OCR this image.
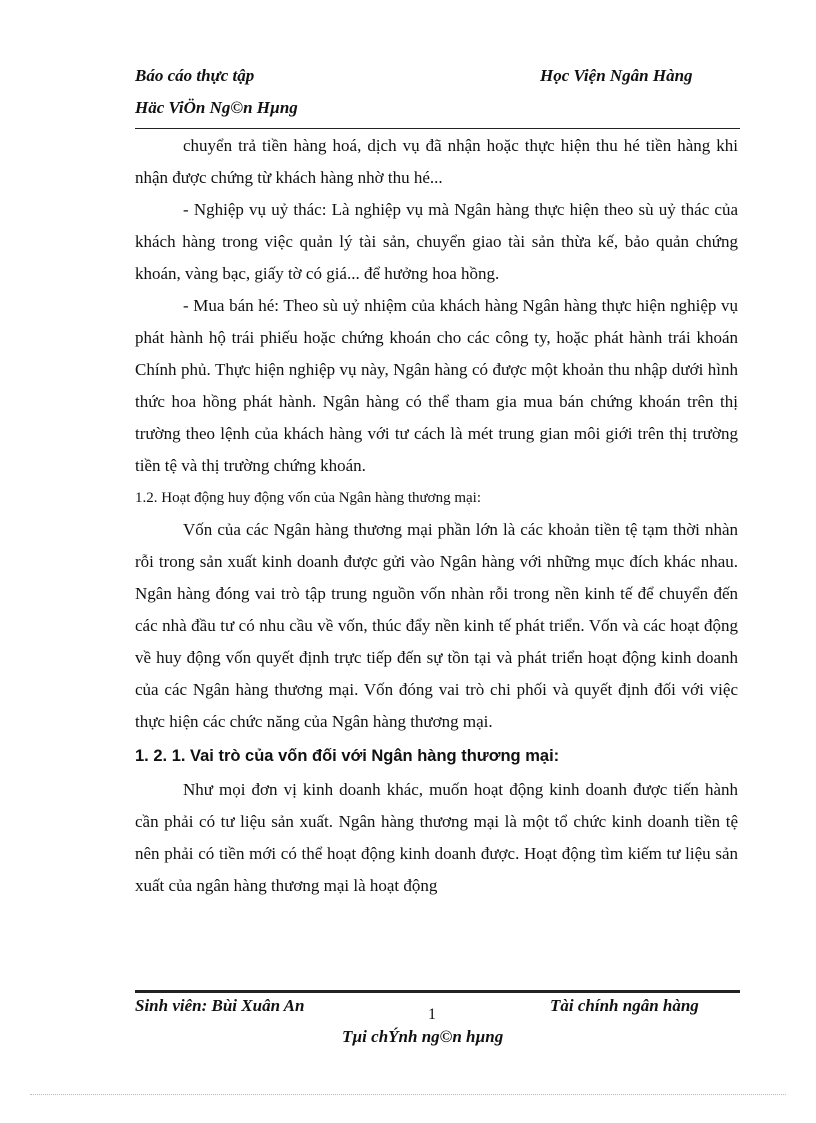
Báo cáo thực tập	Học Viện Ngân Hàng
Häc ViÖn Ng©n Hµng

chuyển trả tiền hàng hoá, dịch vụ đã nhận hoặc thực hiện thu hé tiền hàng khi nhận được chứng từ khách hàng nhờ thu hé...

- Nghiệp vụ uỷ thác: Là nghiệp vụ mà Ngân hàng thực hiện theo sù uỷ thác của khách hàng trong việc quản lý tài sản, chuyển giao tài sản thừa kế, bảo quản chứng khoán, vàng bạc, giấy tờ có giá... để hưởng hoa hồng.

- Mua bán hé: Theo sù uỷ nhiệm của khách hàng Ngân hàng thực hiện nghiệp vụ phát hành hộ trái phiếu hoặc chứng khoán cho các công ty, hoặc phát hành trái khoán Chính phủ. Thực hiện nghiệp vụ này, Ngân hàng có được một khoản thu nhập dưới hình thức hoa hồng phát hành. Ngân hàng có thể tham gia mua bán chứng khoán trên thị trường theo lệnh của khách hàng với tư cách là mét trung gian môi giới trên thị trường tiền tệ và thị trường chứng khoán.

1.2. Hoạt động huy động vốn của Ngân hàng thương mại:

Vốn của các Ngân hàng thương mại phần lớn là các khoản tiền tệ tạm thời nhàn rỗi trong sản xuất kinh doanh được gửi vào Ngân hàng với những mục đích khác nhau. Ngân hàng đóng vai trò tập trung nguồn vốn nhàn rỗi trong nền kinh tế để chuyển đến các nhà đầu tư có nhu cầu về vốn, thúc đẩy nền kinh tế phát triển. Vốn và các hoạt động về huy động vốn quyết định trực tiếp đến sự tồn tại và phát triển hoạt động kinh doanh của các Ngân hàng thương mại. Vốn đóng vai trò chi phối và quyết định đối với việc thực hiện các chức năng của Ngân hàng thương mại.

1. 2. 1. Vai trò của vốn đối với Ngân hàng thương mại:

Như mọi đơn vị kinh doanh khác, muốn hoạt động kinh doanh được tiến hành cần phải có tư liệu sản xuất. Ngân hàng thương mại là một tổ chức kinh doanh tiền tệ nên phải có tiền mới có thể hoạt động kinh doanh được. Hoạt động tìm kiếm tư liệu sản xuất của ngân hàng thương mại là hoạt động

Sinh viên: Bùi Xuân An	1	Tài chính ngân hàng
Tµi chÝnh ng©n hµng
